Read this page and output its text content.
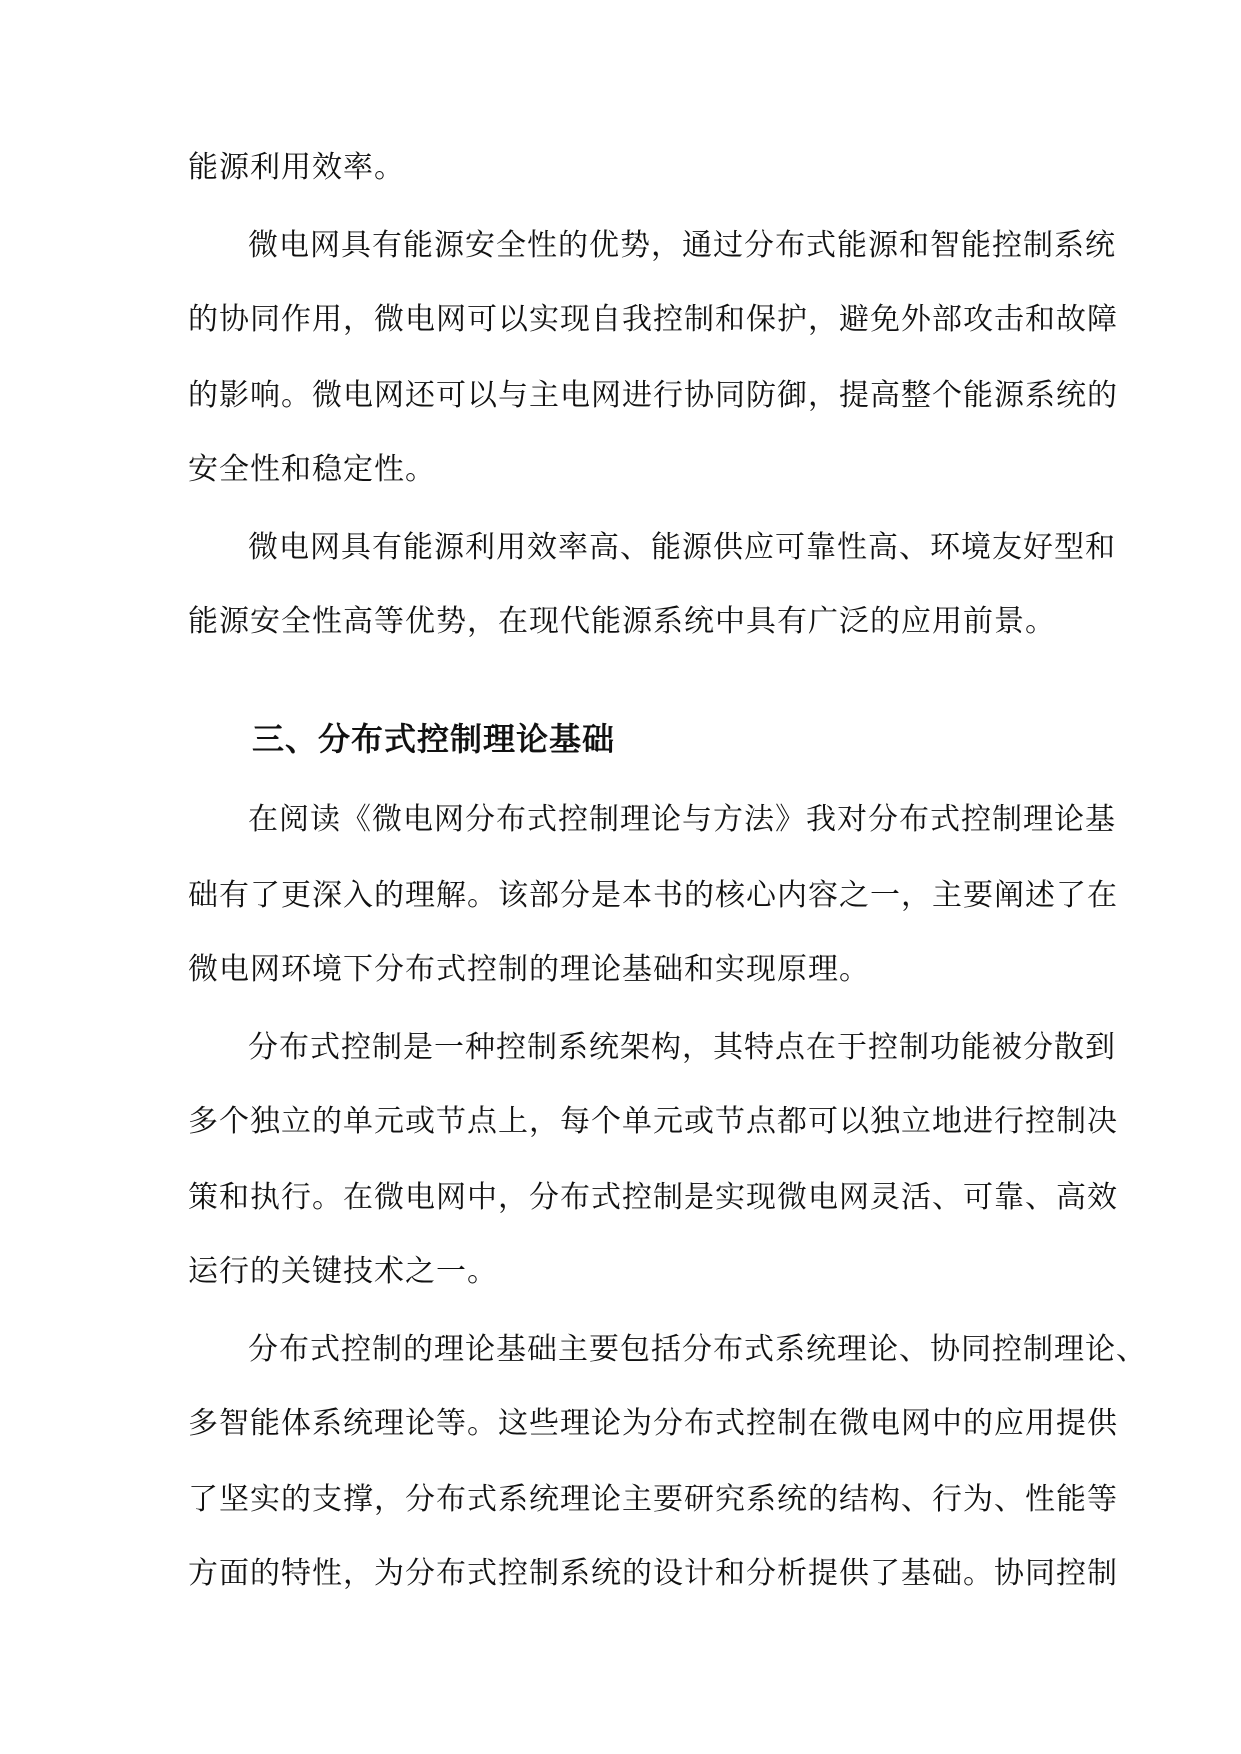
能源利用效率。
微电网具有能源安全性的优势，通过分布式能源和智能控制系统
的协同作用，微电网可以实现自我控制和保护，避免外部攻击和故障
的影响。微电网还可以与主电网进行协同防御，提高整个能源系统的
安全性和稳定性。
微电网具有能源利用效率高、能源供应可靠性高、环境友好型和
能源安全性高等优势，在现代能源系统中具有广泛的应用前景。
三、分布式控制理论基础
在阅读《微电网分布式控制理论与方法》我对分布式控制理论基
础有了更深入的理解。该部分是本书的核心内容之一，主要阐述了在
微电网环境下分布式控制的理论基础和实现原理。
分布式控制是一种控制系统架构，其特点在于控制功能被分散到
多个独立的单元或节点上，每个单元或节点都可以独立地进行控制决
策和执行。在微电网中，分布式控制是实现微电网灵活、可靠、高效
运行的关键技术之一。
分布式控制的理论基础主要包括分布式系统理论、协同控制理论、
多智能体系统理论等。这些理论为分布式控制在微电网中的应用提供
了坚实的支撑，分布式系统理论主要研究系统的结构、行为、性能等
方面的特性，为分布式控制系统的设计和分析提供了基础。协同控制
